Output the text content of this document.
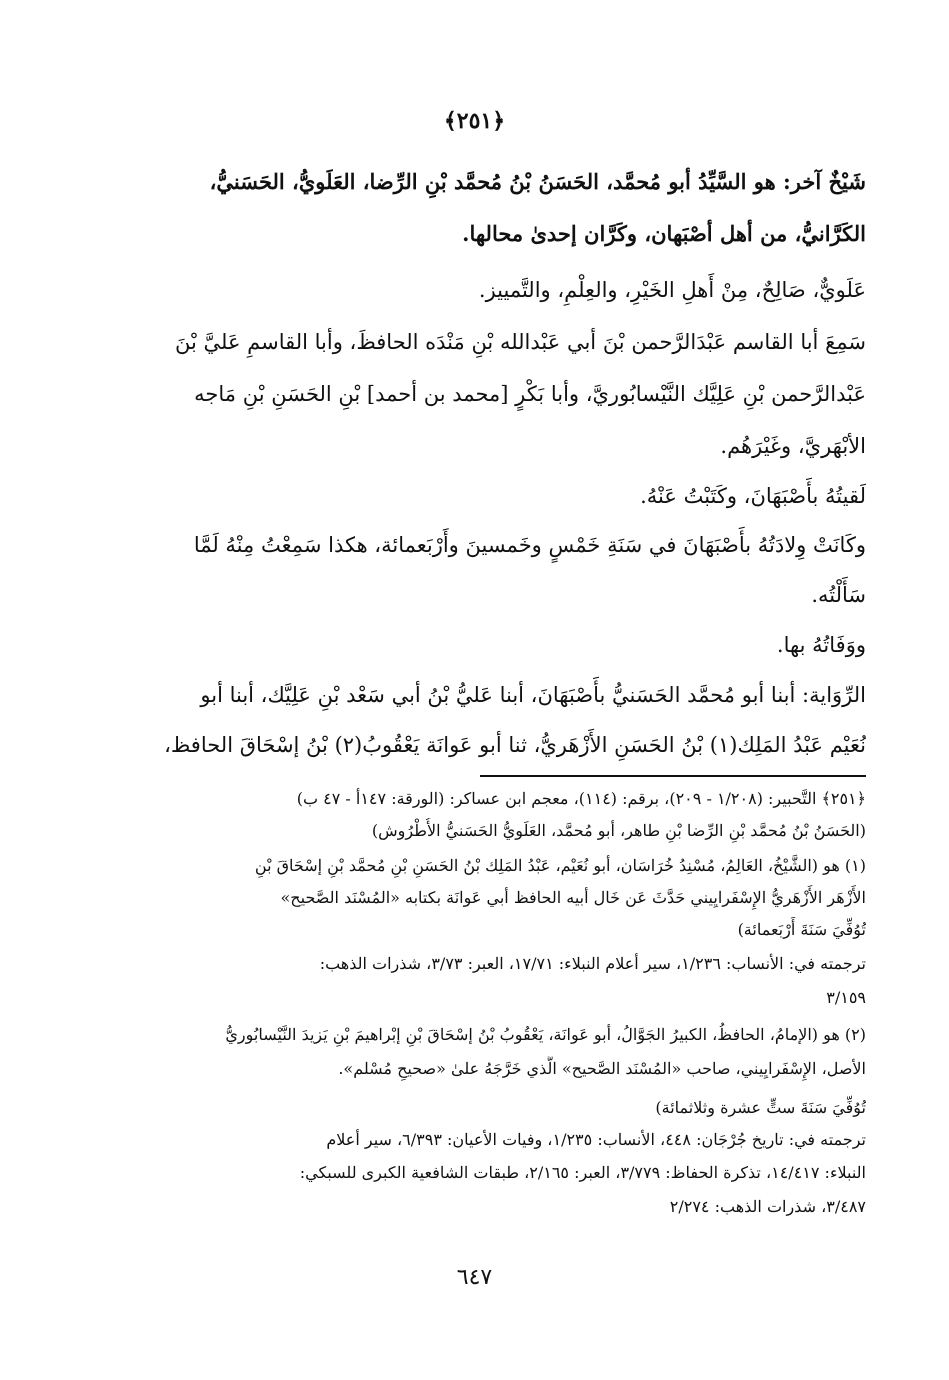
﴿٢٥١﴾
شَيْخٌ آخر: هو السَّيِّدُ أبو مُحمَّد، الحَسَنُ بْنُ مُحمَّد بْنِ الرِّضا، العَلَويُّ، الحَسَنيُّ،
الكَرَّانيُّ، من أهل أصْبَهان، وكَرَّان إحدىٰ محالها.
عَلَويٌّ، صَالِحٌ، مِنْ أَهلِ الخَيْرِ، والعِلْمِ، والتَّمييز.
سَمِعَ أبا القاسم عَبْدَالرَّحمن بْنَ أبي عَبْدالله بْنِ مَنْدَه الحافظَ، وأبا القاسمِ عَليَّ بْنَ
عَبْدالرَّحمن بْنِ عَلِيَّك النَّيْسابُوريَّ، وأبا بَكْرٍ [محمد بن أحمد] بْنِ الحَسَنِ بْنِ مَاجه
الأبْهَريَّ، وغَيْرَهُم.
لَقيتُهُ بأَصْبَهَانَ، وكَتَبْتُ عَنْهُ.
وكَانَتْ وِلادَتُهُ بأَصْبَهَانَ في سَنَةِ خَمْسٍ وخَمسينَ وأَرْبَعمائة، هكذا سَمِعْتُ مِنْهُ لَمَّا
سَأَلْتُه.
ووَفَاتُهُ بها.
الرِّوَاية: أبنا أبو مُحمَّد الحَسَنيُّ بأَصْبَهَانَ، أبنا عَليُّ بْنُ أبي سَعْد بْنِ عَلِيَّك، أبنا أبو
نُعَيْم عَبْدُ المَلِك(١) بْنُ الحَسَنِ الأَزْهَريُّ، ثنا أبو عَوانَة يَعْقُوبُ(٢) بْنُ إسْحَاقَ الحافظ،
﴿٢٥١﴾ التَّحبير: (١/٢٠٨ - ٢٠٩)، برقم: (١١٤)، معجم ابن عساكر: (الورقة: ١٤٧أ - ٤٧ ب)
(الحَسَنُ بْنُ مُحمَّد بْنِ الرِّضا بْنِ طاهر، أبو مُحمَّد، العَلَويُّ الحَسَنيُّ الأُطْرُوش)
(١) هو (الشَّيْخُ، العَالِمُ، مُسْنِدُ خُرَاسَان، أبو نُعَيْم، عَبْدُ المَلِك بْنُ الحَسَنِ بْنِ مُحمَّد بْنِ إسْحَاقَ بْنِ
الأَزْهَر الأَزْهَريُّ الإِسْفَرايِيني حَدَّثَ عَن خَال أبيه الحافظ أبي عَوانَة بكتابه «المُسْنَد الصَّحيح»
تُوُفِّيَ سَنَةَ أَرْبَعمائة)
ترجمته في: الأنساب: ١/٢٣٦، سير أعلام النبلاء: ١٧/٧١، العبر: ٣/٧٣، شذرات الذهب:
٣/١٥٩
(٢) هو (الإمامُ، الحافظُ، الكبيرُ الجَوَّالُ، أبو عَوانَة، يَعْقُوبُ بْنُ إسْحَاقَ بْنِ إبْراهيمَ بْنِ يَزيدَ النَّيْسابُوريُّ
الأصل، الإِسْفَرايِيني، صاحب «المُسْنَد الصَّحيح» الَّذي خَرَّجَهُ علىٰ «صحيحِ مُسْلم».
تُوُفِّيَ سَنَةَ ستٍّ عشرة وثلاثمائة)
ترجمته في: تاريخ جُرْجَان: ٤٤٨، الأنساب: ١/٢٣٥، وفيات الأعيان: ٦/٣٩٣، سير أعلام
النبلاء: ١٤/٤١٧، تذكرة الحفاظ: ٣/٧٧٩، العبر: ٢/١٦٥، طبقات الشافعية الكبرى للسبكي:
٣/٤٨٧، شذرات الذهب: ٢/٢٧٤
٦٤٧
